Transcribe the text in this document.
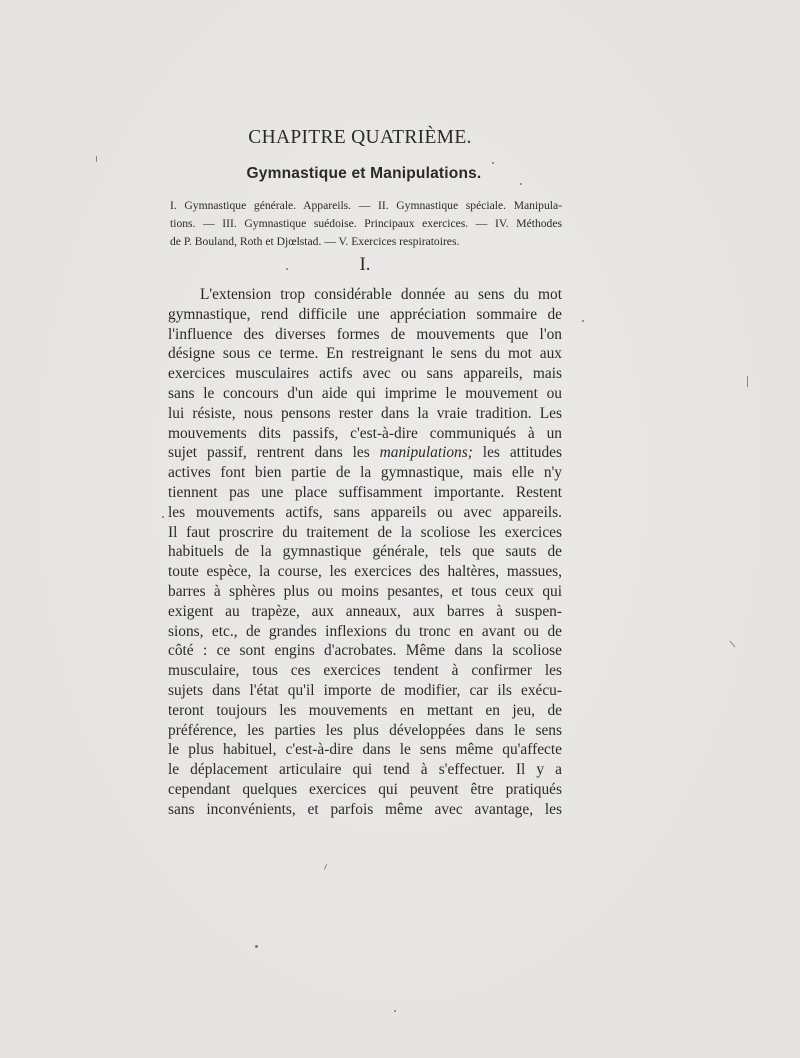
CHAPITRE QUATRIÈME.
Gymnastique et Manipulations.
I. Gymnastique générale. Appareils. — II. Gymnastique spéciale. Manipula-
tions. — III. Gymnastique suédoise. Principaux exercices. — IV. Méthodes
de P. Bouland, Roth et Djœlstad. — V. Exercices respiratoires.
I.
L'extension trop considérable donnée au sens du mot
gymnastique, rend difficile une appréciation sommaire de
l'influence des diverses formes de mouvements que l'on
désigne sous ce terme. En restreignant le sens du mot aux
exercices musculaires actifs avec ou sans appareils, mais
sans le concours d'un aide qui imprime le mouvement ou
lui résiste, nous pensons rester dans la vraie tradition. Les
mouvements dits passifs, c'est-à-dire communiqués à un
sujet passif, rentrent dans les manipulations; les attitudes
actives font bien partie de la gymnastique, mais elle n'y
tiennent pas une place suffisamment importante. Restent
les mouvements actifs, sans appareils ou avec appareils.
Il faut proscrire du traitement de la scoliose les exercices
habituels de la gymnastique générale, tels que sauts de
toute espèce, la course, les exercices des haltères, massues,
barres à sphères plus ou moins pesantes, et tous ceux qui
exigent au trapèze, aux anneaux, aux barres à suspen-
sions, etc., de grandes inflexions du tronc en avant ou de
côté : ce sont engins d'acrobates. Même dans la scoliose
musculaire, tous ces exercices tendent à confirmer les
sujets dans l'état qu'il importe de modifier, car ils exécu-
teront toujours les mouvements en mettant en jeu, de
préférence, les parties les plus développées dans le sens
le plus habituel, c'est-à-dire dans le sens même qu'affecte
le déplacement articulaire qui tend à s'effectuer. Il y a
cependant quelques exercices qui peuvent être pratiqués
sans inconvénients, et parfois même avec avantage, les
